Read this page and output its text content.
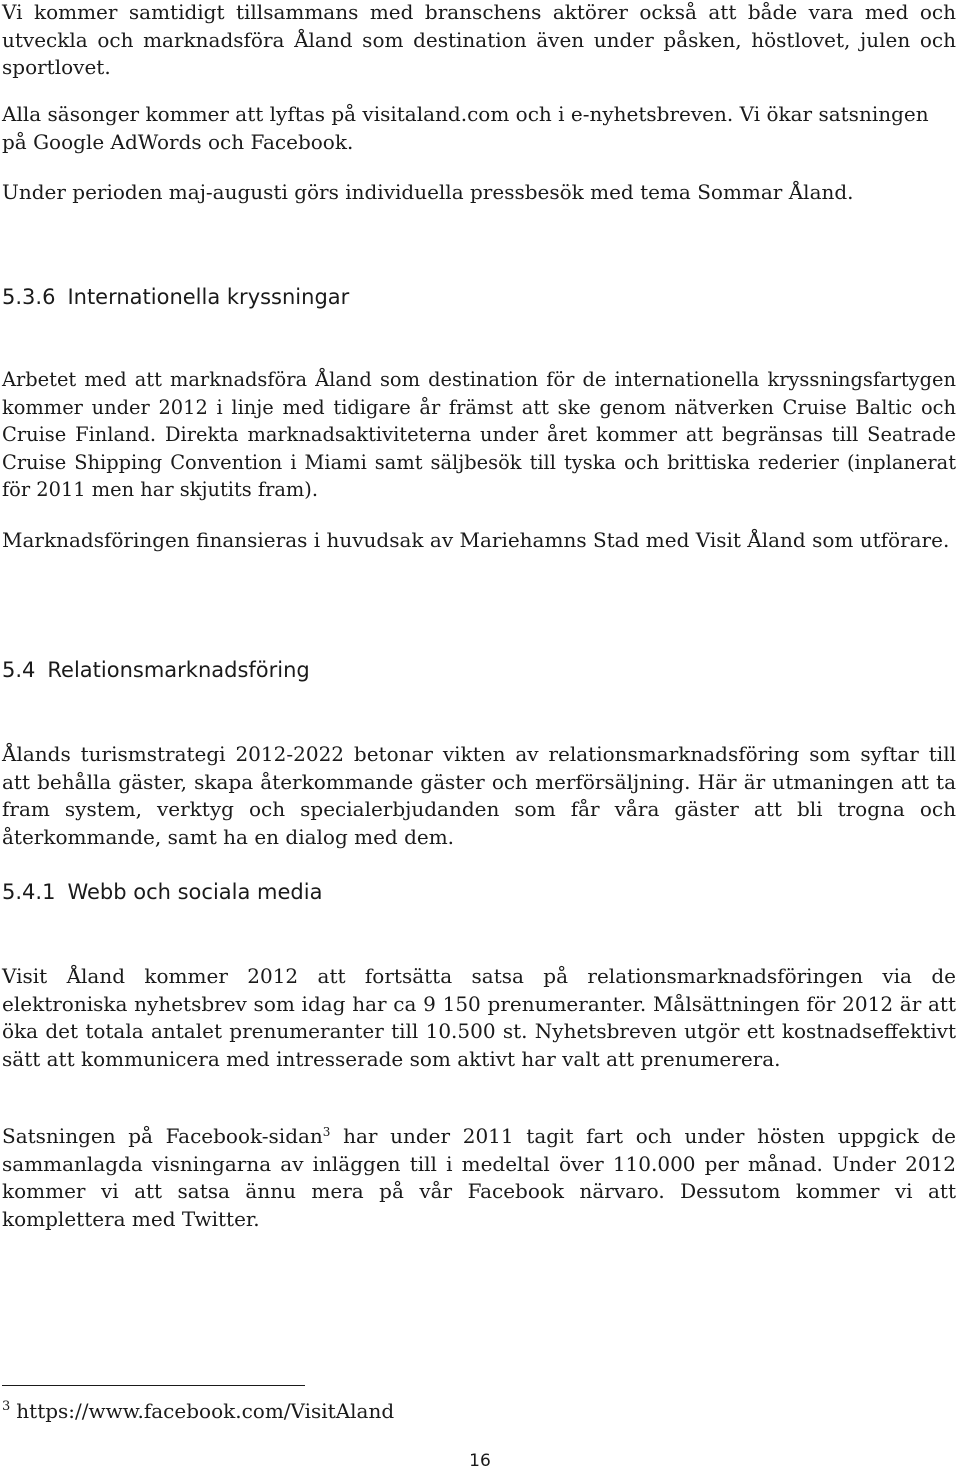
Vi kommer samtidigt tillsammans med branschens aktörer också att både vara med och utveckla och marknadsföra Åland som destination även under påsken, höstlovet, julen och sportlovet.

Alla säsonger kommer att lyftas på visitaland.com och i e-nyhetsbreven. Vi ökar satsningen på Google AdWords och Facebook.

Under perioden maj-augusti görs individuella pressbesök med tema Sommar Åland.

5.3.6 Internationella kryssningar

Arbetet med att marknadsföra Åland som destination för de internationella kryssningsfartygen kommer under 2012 i linje med tidigare år främst att ske genom nätverken Cruise Baltic och Cruise Finland. Direkta marknadsaktiviteterna under året kommer att begränsas till Seatrade Cruise Shipping Convention i Miami samt säljbesök till tyska och brittiska rederier (inplanerat för 2011 men har skjutits fram).

Marknadsföringen finansieras i huvudsak av Mariehamns Stad med Visit Åland som utförare.

5.4 Relationsmarknadsföring

Ålands turismstrategi 2012-2022 betonar vikten av relationsmarknadsföring som syftar till att behålla gäster, skapa återkommande gäster och merförsäljning. Här är utmaningen att ta fram system, verktyg och specialerbjudanden som får våra gäster att bli trogna och återkommande, samt ha en dialog med dem.

5.4.1 Webb och sociala media

Visit Åland kommer 2012 att fortsätta satsa på relationsmarknadsföringen via de elektroniska nyhetsbrev som idag har ca 9 150 prenumeranter. Målsättningen för 2012 är att öka det totala antalet prenumeranter till 10.500 st. Nyhetsbreven utgör ett kostnadseffektivt sätt att kommunicera med intresserade som aktivt har valt att prenumerera.

Satsningen på Facebook-sidan$^3$ har under 2011 tagit fart och under hösten uppgick de sammanlagda visningarna av inläggen till i medeltal över 110.000 per månad. Under 2012 kommer vi att satsa ännu mera på vår Facebook närvaro. Dessutom kommer vi att komplettera med Twitter.

$^3$ https://www.facebook.com/VisitAland

16
